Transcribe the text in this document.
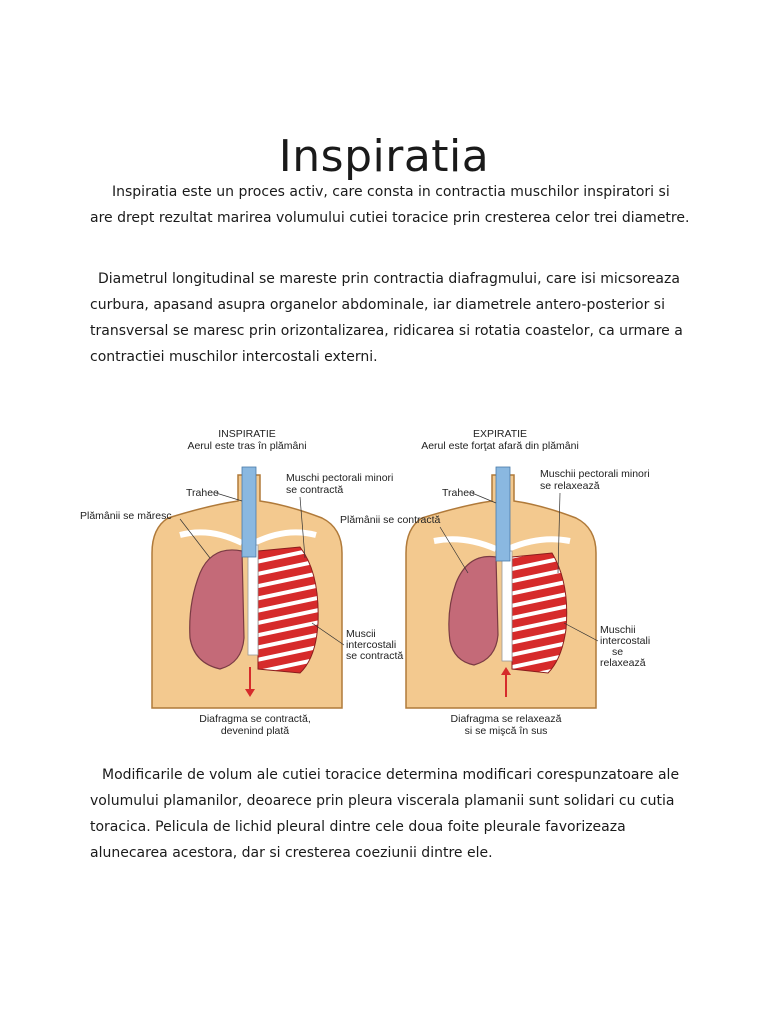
Inspiratia

Inspiratia este un proces activ, care consta in contractia muschilor inspiratori si are drept rezultat marirea volumului cutiei toracice prin cresterea celor trei diametre.

Diametrul longitudinal se mareste prin contractia diafragmului, care isi micsoreaza curbura, apasand asupra organelor abdominale, iar diametrele antero-posterior si transversal se maresc prin orizontalizarea, ridicarea si rotatia coastelor, ca urmare a contractiei muschilor intercostali externi.

INSPIRATIE
Aerul este tras în plămâni
Trahee
Plămânii se măresc
Muschi pectorali minori
se contractă
Muscii
intercostali
se contractă
Diafragma se contractă,
devenind plată
EXPIRATIE
Aerul este forţat afară din plămâni
Trahee
Plămânii se contractă
Muschii pectorali minori
se relaxează
Muschii
intercostali
se
relaxează
Diafragma se relaxează
si se mişcă în sus

Modificarile de volum ale cutiei toracice determina modificari corespunzatoare ale volumului plamanilor, deoarece prin pleura viscerala plamanii sunt solidari cu cutia toracica. Pelicula de lichid pleural dintre cele doua foite pleurale favorizeaza alunecarea acestora, dar si cresterea coeziunii dintre ele.
